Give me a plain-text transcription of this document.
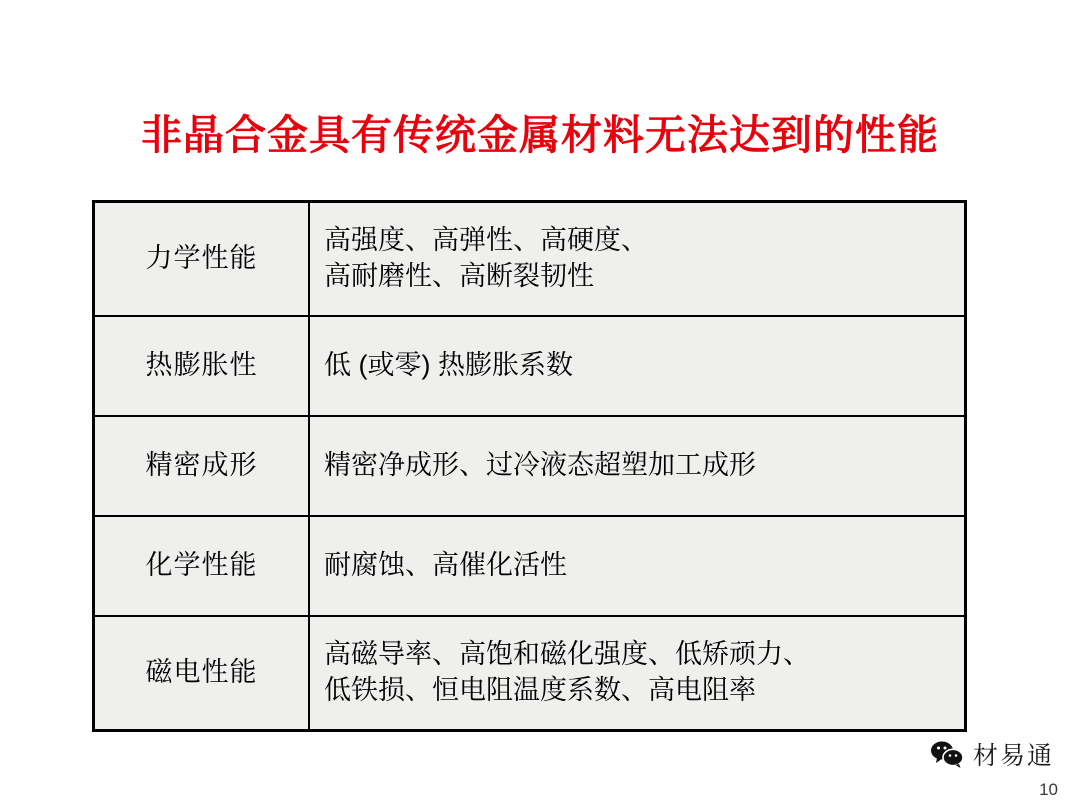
非晶合金具有传统金属材料无法达到的性能
力学性能	高强度、高弹性、高硬度、
高耐磨性、高断裂韧性

热膨胀性	低 (或零) 热膨胀系数

精密成形	精密净成形、过冷液态超塑加工成形

化学性能	耐腐蚀、高催化活性

磁电性能	高磁导率、高饱和磁化强度、低矫顽力、
低铁损、恒电阻温度系数、高电阻率
材易通
10
